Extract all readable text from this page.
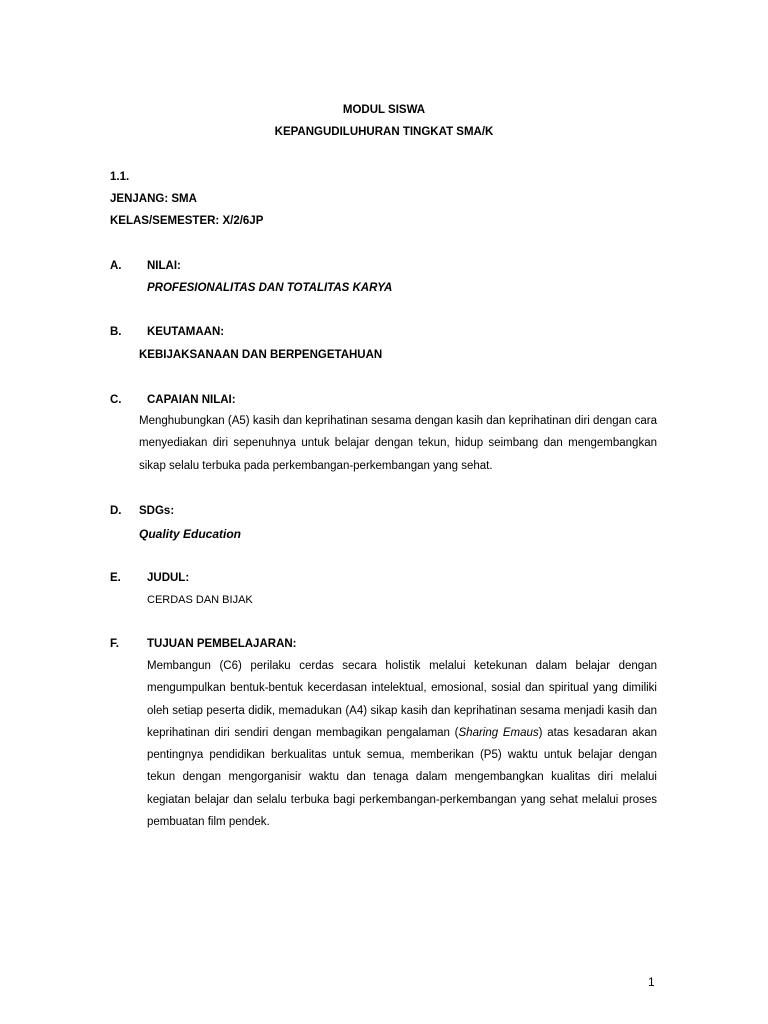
MODUL SISWA
KEPANGUDILUHURAN TINGKAT SMA/K
1.1.
JENJANG: SMA
KELAS/SEMESTER: X/2/6JP
A. NILAI:
PROFESIONALITAS DAN TOTALITAS KARYA
B. KEUTAMAAN:
KEBIJAKSANAAN DAN BERPENGETAHUAN
C. CAPAIAN NILAI:
Menghubungkan (A5) kasih dan keprihatinan sesama dengan kasih dan keprihatinan diri dengan cara menyediakan diri sepenuhnya untuk belajar dengan tekun, hidup seimbang dan mengembangkan sikap selalu terbuka pada perkembangan-perkembangan yang sehat.
D. SDGs:
Quality Education
E. JUDUL:
CERDAS DAN BIJAK
F. TUJUAN PEMBELAJARAN:
Membangun (C6) perilaku cerdas secara holistik melalui ketekunan dalam belajar dengan mengumpulkan bentuk-bentuk kecerdasan intelektual, emosional, sosial dan spiritual yang dimiliki oleh setiap peserta didik, memadukan (A4) sikap kasih dan keprihatinan sesama menjadi kasih dan keprihatinan diri sendiri dengan membagikan pengalaman (Sharing Emaus) atas kesadaran akan pentingnya pendidikan berkualitas untuk semua, memberikan (P5) waktu untuk belajar dengan tekun dengan mengorganisir waktu dan tenaga dalam mengembangkan kualitas diri melalui kegiatan belajar dan selalu terbuka bagi perkembangan-perkembangan yang sehat melalui proses pembuatan film pendek.
1
